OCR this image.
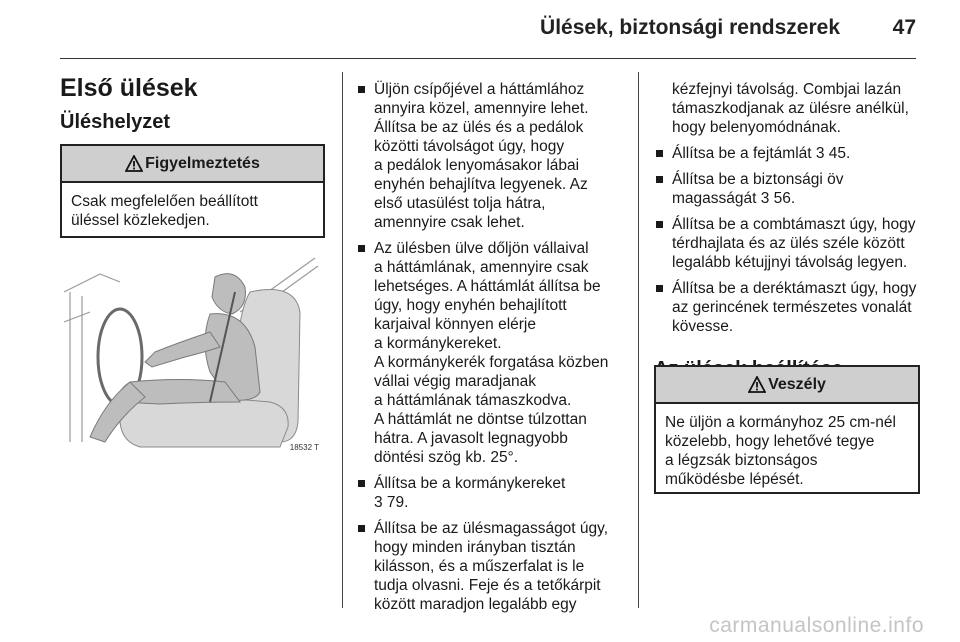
Ülések, biztonsági rendszerek	47
Első ülések
Üléshelyzet
Figyelmeztetés
Csak megfelelően beállított
üléssel közlekedjen.
18532 T
Üljön csípőjével a háttámlához
annyira közel, amennyire lehet.
Állítsa be az ülés és a pedálok
közötti távolságot úgy, hogy
a pedálok lenyomásakor lábai
enyhén behajlítva legyenek. Az
első utasülést tolja hátra,
amennyire csak lehet.
Az ülésben ülve dőljön vállaival
a háttámlának, amennyire csak
lehetséges. A háttámlát állítsa be
úgy, hogy enyhén behajlított
karjaival könnyen elérje
a kormánykereket.
A kormánykerék forgatása közben
vállai végig maradjanak
a háttámlának támaszkodva.
A háttámlát ne döntse túlzottan
hátra. A javasolt legnagyobb
döntési szög kb. 25°.
Állítsa be a kormánykereket
3 79.
Állítsa be az ülésmagasságot úgy,
hogy minden irányban tisztán
kilásson, és a műszerfalat is le
tudja olvasni. Feje és a tetőkárpit
között maradjon legalább egy
kézfejnyi távolság. Combjai lazán
támaszkodjanak az ülésre anélkül,
hogy belenyomódnának.
Állítsa be a fejtámlát 3 45.
Állítsa be a biztonsági öv
magasságát 3 56.
Állítsa be a combtámaszt úgy, hogy
térdhajlata és az ülés széle között
legalább kétujjnyi távolság legyen.
Állítsa be a deréktámaszt úgy, hogy
az gerincének természetes vonalát
kövesse.
Veszély
Ne üljön a kormányhoz 25 cm-nél
közelebb, hogy lehetővé tegye
a légzsák biztonságos
működésbe lépését.
carmanualsonline.info
